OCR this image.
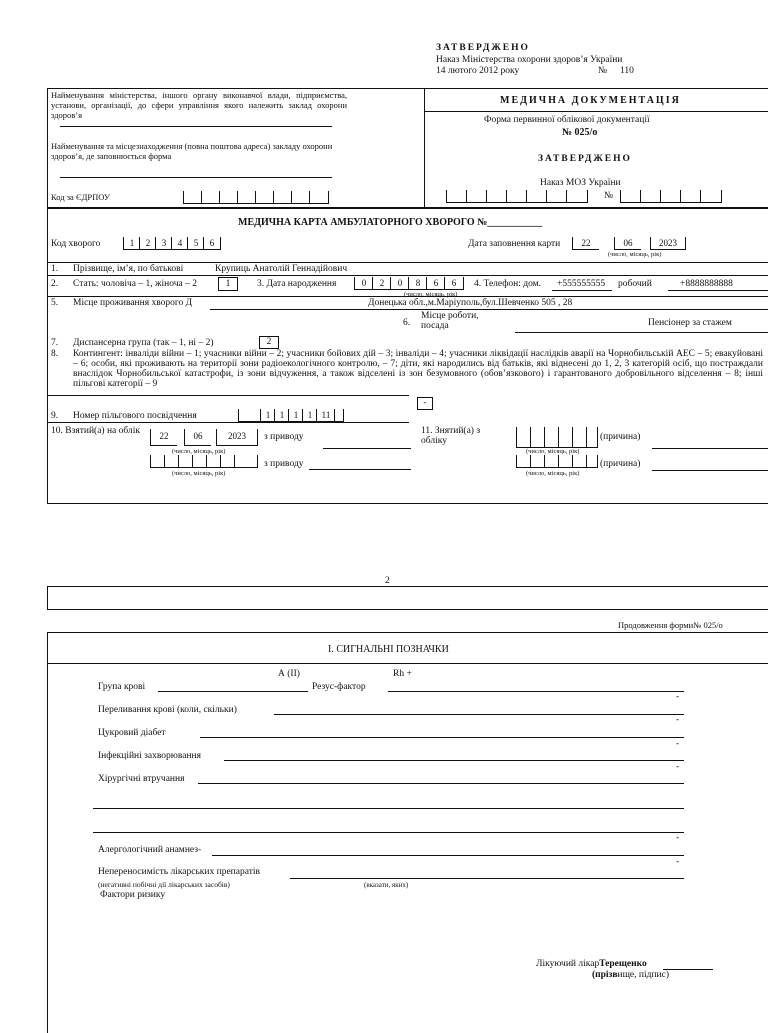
ЗАТВЕРДЖЕНО
Наказ Міністерства охорони здоров’я України
14 лютого 2012 року	№ 110
Найменування міністерства, іншого органу виконавчої влади, підприємства, установи, організації, до сфери управління якого належить заклад охорони здоров’я
Найменування та місцезнаходження (повна поштова адреса) закладу охорони здоров’я, де заповнюється форма
Код за ЄДРПОУ
МЕДИЧНА ДОКУМЕНТАЦІЯ
Форма первинної облікової документації
№ 025/о
ЗАТВЕРДЖЕНО
Наказ МОЗ України
№
МЕДИЧНА КАРТА АМБУЛАТОРНОГО ХВОРОГО №___________
Код хворого	1	2	3	4	5	6	Дата заповнення карти	22	06	2023
(число, місяць, рік)
1. Прізвище, ім’я, по батькові	Крупиць Анатолій Геннадійович
2. Стать: чоловіча – 1, жіноча – 2	1	3. Дата народження	0	2	0	8	6	6
(число, місяць, рік)
4. Телефон: дом. +555555555 робочий	+8888888888
5. Місце проживання хворого Д	Донецька обл.,м.Маріуполь,бул.Шевченко 505 , 28
6.
Місце роботи, посада	Пенсіонер за стажем
7. Диспансерна група (так – 1, ні – 2)	2
8. Контингент: інваліди війни – 1; учасники війни – 2; учасники бойових дій – 3; інваліди – 4; учасники ліквідації наслідків аварії на Чорнобильській АЕС – 5; евакуйовані – 6; особи, які проживають на території зони радіоекологічного контролю, – 7; діти, які народились від батьків, які віднесені до 1, 2, 3 категорій осіб, що постраждали внаслідок Чорнобильської катастрофи, із зони відчуження, а також відселені із зон безумовного (обов’язкового) і гарантованого добровільного відселення – 8; інші пільгові категорії – 9
-
9. Номер пільгового посвідчення	1	1	1	1	11
10. Взятий(а) на облік	22	06	2023
(число, місяць, рік)
з приводу
(число, місяць, рік)
з приводу
11. Знятий(а) з обліку
(число, місяць, рік)
(причина)
(число, місяць, рік)
(причина)
2
Продовження форми№ 025/о
І. СИГНАЛЬНІ ПОЗНАЧКИ
А (ІІ)	Rh +
Група крові	Резус-фактор
-
Переливання крові (коли, скільки)
-
Цукровий діабет
-
Інфекційні захворювання
-
Хірургічні втручання
-
Алергологічний анамнез-
-
Непереносимість лікарських препаратів
(негативні побічні дії лікарських засобів)	(вказати, яких)
Фактори ризику
Лікуючий лікарТерещенко
(прізвище, підпис)
